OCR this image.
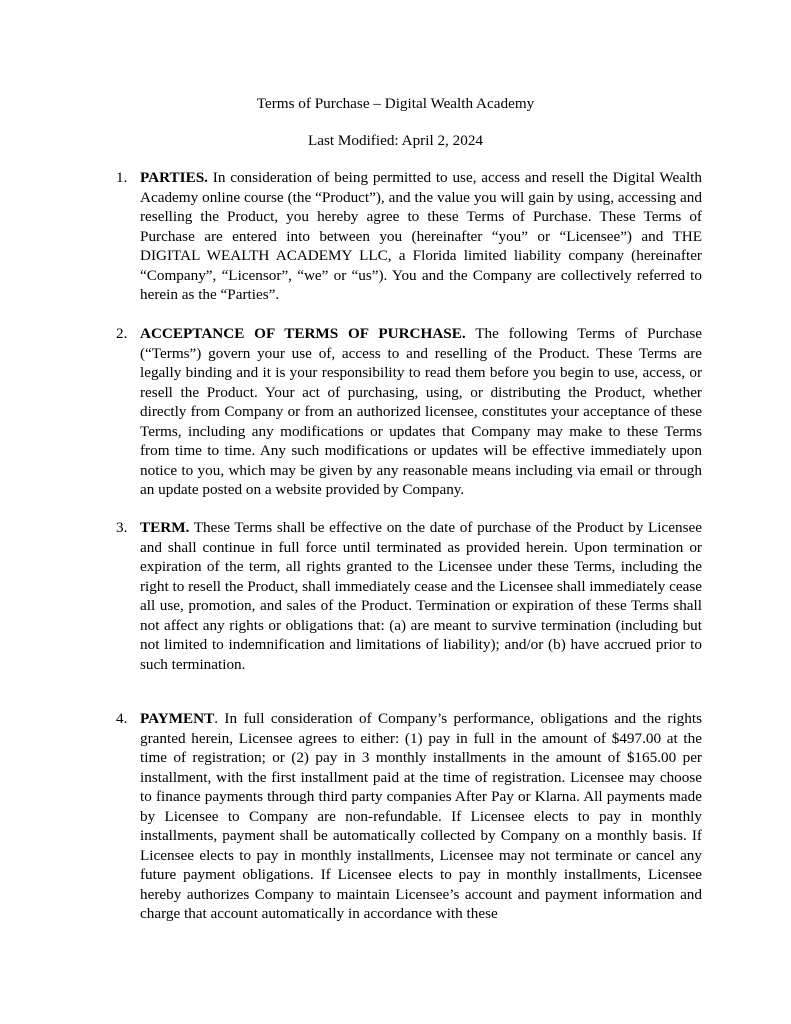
Terms of Purchase – Digital Wealth Academy
Last Modified: April 2, 2024
1. PARTIES. In consideration of being permitted to use, access and resell the Digital Wealth Academy online course (the “Product”), and the value you will gain by using, accessing and reselling the Product, you hereby agree to these Terms of Purchase. These Terms of Purchase are entered into between you (hereinafter “you” or “Licensee”) and THE DIGITAL WEALTH ACADEMY LLC, a Florida limited liability company (hereinafter “Company”, “Licensor”, “we” or “us”). You and the Company are collectively referred to herein as the “Parties”.
2. ACCEPTANCE OF TERMS OF PURCHASE. The following Terms of Purchase (“Terms”) govern your use of, access to and reselling of the Product. These Terms are legally binding and it is your responsibility to read them before you begin to use, access, or resell the Product. Your act of purchasing, using, or distributing the Product, whether directly from Company or from an authorized licensee, constitutes your acceptance of these Terms, including any modifications or updates that Company may make to these Terms from time to time. Any such modifications or updates will be effective immediately upon notice to you, which may be given by any reasonable means including via email or through an update posted on a website provided by Company.
3. TERM. These Terms shall be effective on the date of purchase of the Product by Licensee and shall continue in full force until terminated as provided herein. Upon termination or expiration of the term, all rights granted to the Licensee under these Terms, including the right to resell the Product, shall immediately cease and the Licensee shall immediately cease all use, promotion, and sales of the Product. Termination or expiration of these Terms shall not affect any rights or obligations that: (a) are meant to survive termination (including but not limited to indemnification and limitations of liability); and/or (b) have accrued prior to such termination.
4. PAYMENT. In full consideration of Company’s performance, obligations and the rights granted herein, Licensee agrees to either: (1) pay in full in the amount of $497.00 at the time of registration; or (2) pay in 3 monthly installments in the amount of $165.00 per installment, with the first installment paid at the time of registration. Licensee may choose to finance payments through third party companies After Pay or Klarna. All payments made by Licensee to Company are non-refundable. If Licensee elects to pay in monthly installments, payment shall be automatically collected by Company on a monthly basis. If Licensee elects to pay in monthly installments, Licensee may not terminate or cancel any future payment obligations. If Licensee elects to pay in monthly installments, Licensee hereby authorizes Company to maintain Licensee’s account and payment information and charge that account automatically in accordance with these
